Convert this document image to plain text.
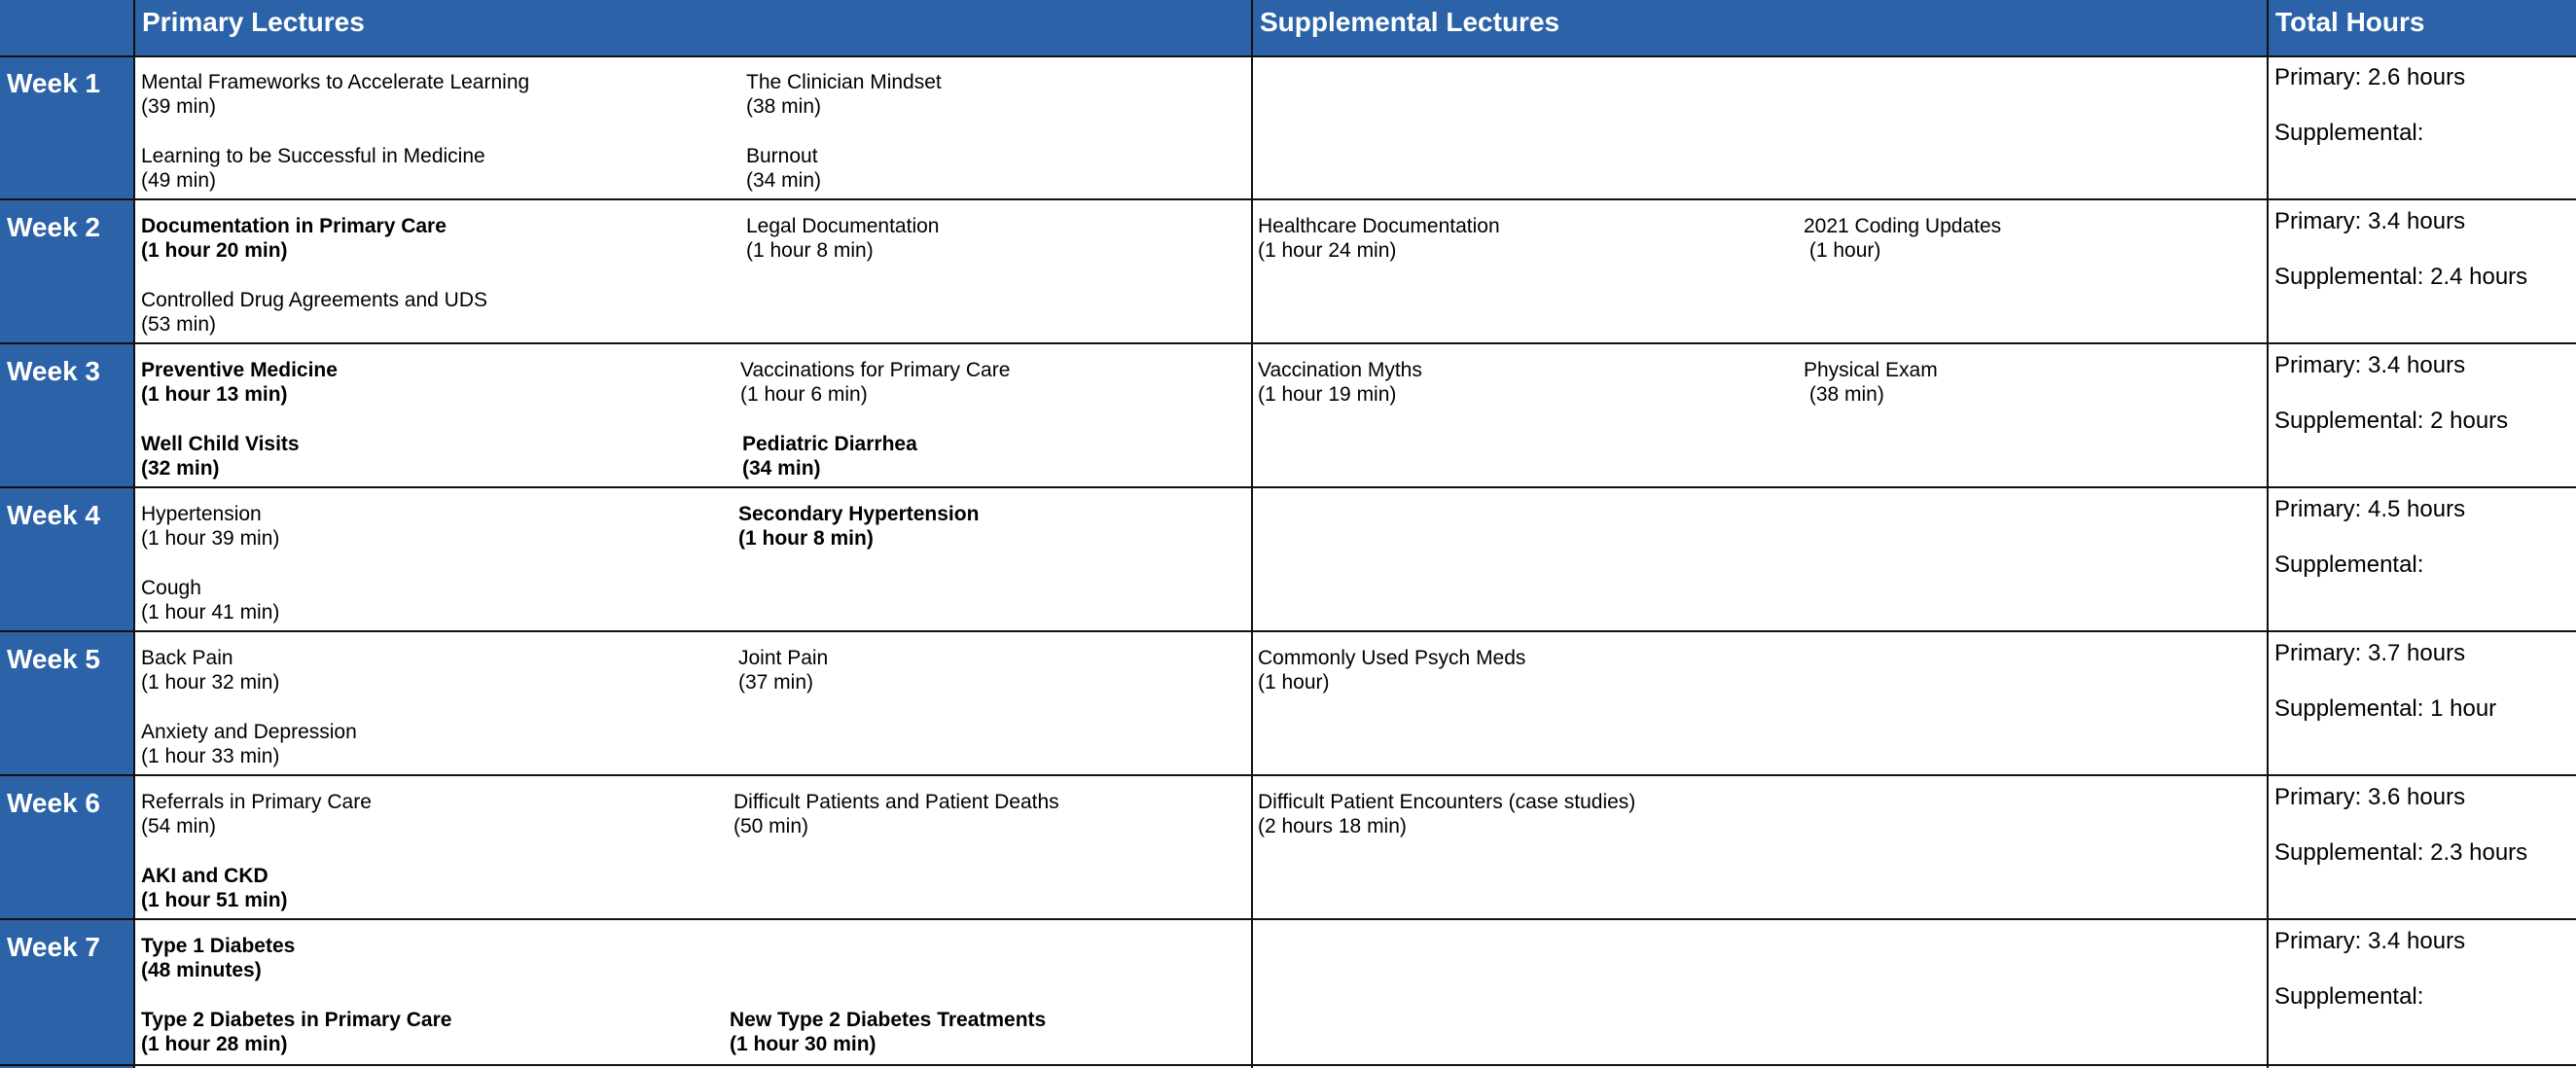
Primary Lectures	Supplemental Lectures	Total Hours
Week 1 Mental Frameworks to Accelerate Learning
(39 min)
The Clinician Mindset
(38 min)
Learning to be Successful in Medicine
(49 min)
Burnout
(34 min)
Primary: 2.6 hours
Supplemental:
Week 2 Documentation in Primary Care
(1 hour 20 min)
Legal Documentation
(1 hour 8 min)
Controlled Drug Agreements and UDS
(53 min)
Healthcare Documentation
(1 hour 24 min)
2021 Coding Updates
(1 hour)
Primary: 3.4 hours
Supplemental: 2.4 hours
Week 3 Preventive Medicine
(1 hour 13 min)
Vaccinations for Primary Care
(1 hour 6 min)
Well Child Visits
(32 min)
Pediatric Diarrhea
(34 min)
Vaccination Myths
(1 hour 19 min)
Physical Exam
(38 min)
Primary: 3.4 hours
Supplemental: 2 hours
Week 4 Hypertension
(1 hour 39 min)
Secondary Hypertension
(1 hour 8 min)
Cough
(1 hour 41 min)
Primary: 4.5 hours
Supplemental:
Week 5 Back Pain
(1 hour 32 min)
Joint Pain
(37 min)
Anxiety and Depression
(1 hour 33 min)
Commonly Used Psych Meds
(1 hour)
Primary: 3.7 hours
Supplemental: 1 hour
Week 6 Referrals in Primary Care
(54 min)
Difficult Patients and Patient Deaths
(50 min)
AKI and CKD
(1 hour 51 min)
Difficult Patient Encounters (case studies)
(2 hours 18 min)
Primary: 3.6 hours
Supplemental: 2.3 hours
Week 7 Type 1 Diabetes
(48 minutes)
Type 2 Diabetes in Primary Care
(1 hour 28 min)
New Type 2 Diabetes Treatments
(1 hour 30 min)
Primary: 3.4 hours
Supplemental:
